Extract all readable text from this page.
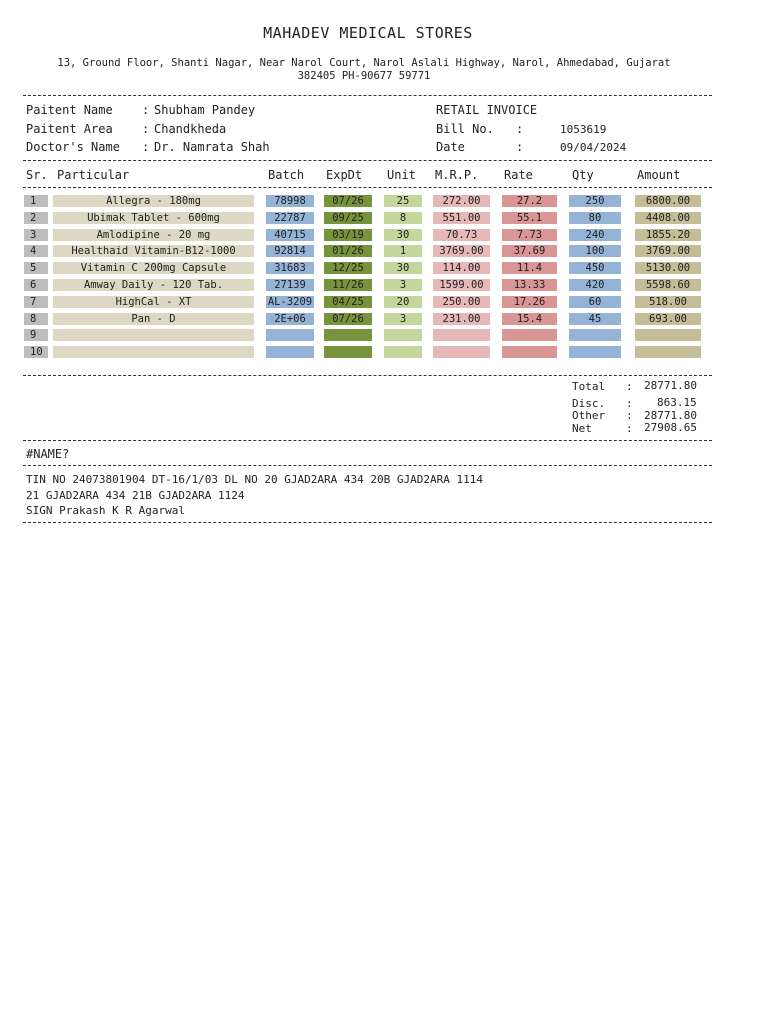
MAHADEV MEDICAL STORES
13, Ground Floor, Shanti Nagar, Near Narol Court, Narol Aslali Highway, Narol, Ahmedabad, Gujarat
382405 PH-90677 59771
Paitent Name : Shubham Pandey
Paitent Area : Chandkheda
Doctor's Name : Dr. Namrata Shah
RETAIL INVOICE
Bill No. :	1053619
Date	:	09/04/2024
Sr. Particular	Batch ExpDt Unit M.R.P. Rate	Qty	Amount
1	Allegra - 180mg	78998	07/26	25	272.00	27.2	250	6800.00
2	Ubimak Tablet - 600mg	22787	09/25	8	551.00	55.1	80	4408.00
3	Amlodipine - 20 mg	40715	03/19	30	70.73	7.73	240	1855.20
4	Healthaid Vitamin-B12-1000	92814	01/26	1	3769.00	37.69	100	3769.00
5	Vitamin C 200mg Capsule	31683	12/25	30	114.00	11.4	450	5130.00
6	Amway Daily - 120 Tab.	27139	11/26	3	1599.00	13.33	420	5598.60
7	HighCal - XT	AL-3209	04/25	20	250.00	17.26	60	518.00
8	Pan - D	2E+06	07/26	3	231.00	15.4	45	693.00
9
10
Total : 28771.80
Disc. : 863.15
Other : 28771.80
Net	: 27908.65
#NAME?
TIN NO 24073801904 DT-16/1/03 DL NO 20 GJAD2ARA 434 20B GJAD2ARA 1114
21 GJAD2ARA 434 21B GJAD2ARA 1124
SIGN Prakash K R Agarwal
